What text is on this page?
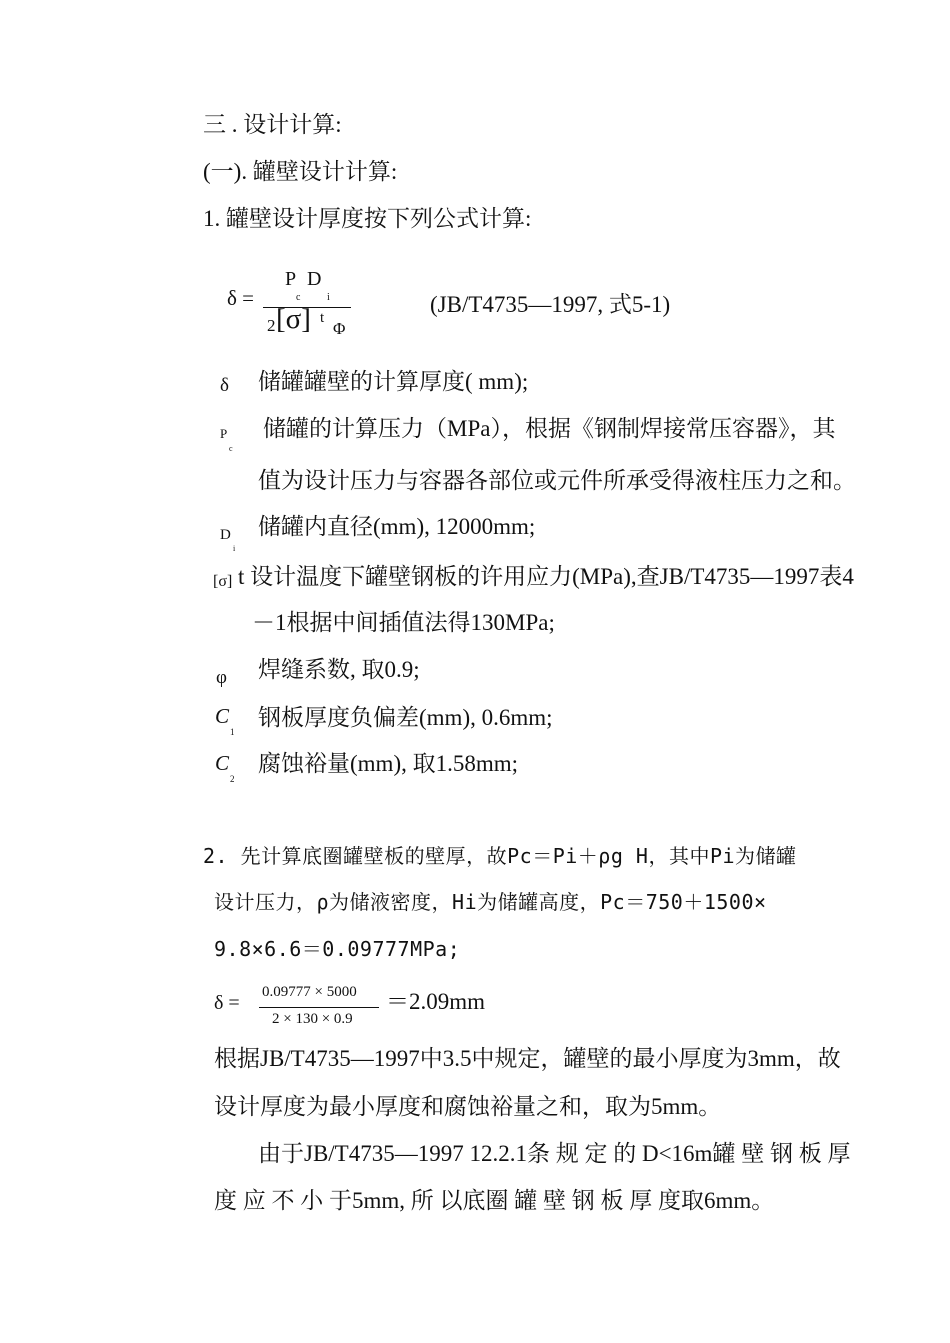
三 . 设计计算:
(一). 罐壁设计计算:
1. 罐壁设计厚度按下列公式计算:
δ =
P
c
D
i
2 [σ] t
Φ
(JB/T4735—1997, 式5-1)
δ 储罐罐壁的计算厚度( mm);
P
c
储罐的计算压力（MPa），根据《钢制焊接常压容器》，其
值为设计压力与容器各部位或元件所承受得液柱压力之和。
D
i
储罐内直径(mm), 12000mm;
[σ] t 设计温度下罐壁钢板的许用应力(MPa),查JB/T4735—1997表4
－1根据中间插值法得130MPa;
φ 焊缝系数, 取0.9;
C
1
钢板厚度负偏差(mm), 0.6mm;
C
2
腐蚀裕量(mm), 取1.58mm;
2. 先计算底圈罐壁板的壁厚，故Pc＝Pi＋ρg H，其中Pi为储罐
设计压力，ρ为储液密度，Hi为储罐高度，Pc＝750＋1500×
9.8×6.6＝0.09777MPa;
δ = 0.09777 × 5000
2 × 130 × 0.9
＝2.09mm
根据JB/T4735—1997中3.5中规定，罐壁的最小厚度为3mm，故
设计厚度为最小厚度和腐蚀裕量之和，取为5mm。
由于JB/T4735—1997 12.2.1条 规 定 的 D<16m罐 壁 钢 板 厚
度 应 不 小 于5mm, 所 以底圈 罐 壁 钢 板 厚 度取6mm。
